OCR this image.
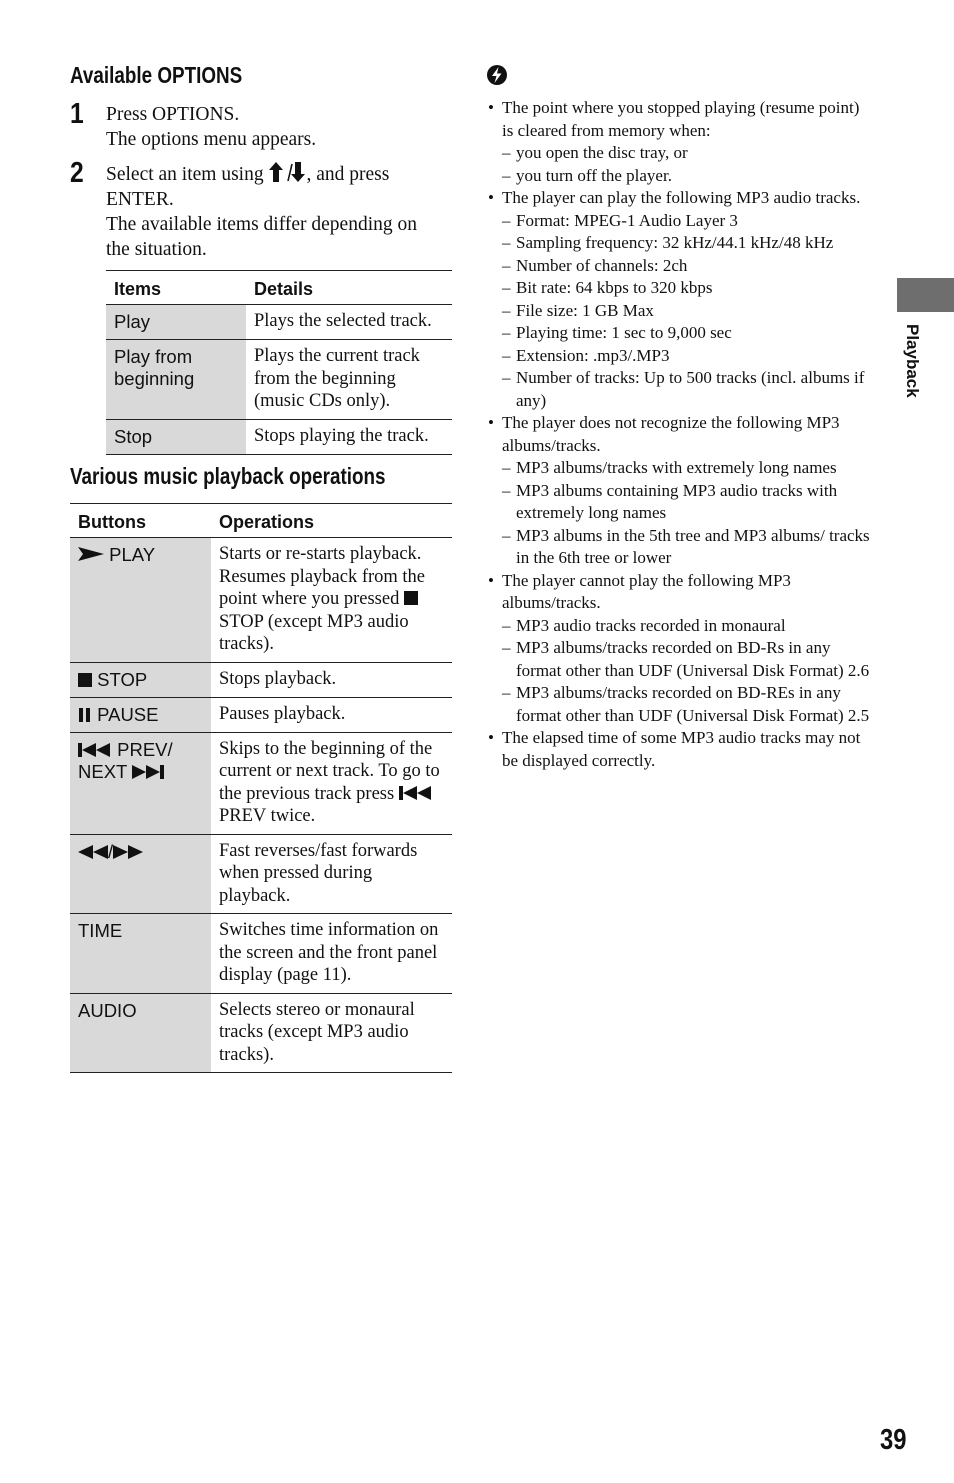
Available OPTIONS
1 Press OPTIONS.
The options menu appears.
2 Select an item using , and press
ENTER.
The available items differ depending on
the situation.
Items	Details
Play	Plays the selected track.
Play from beginning	Plays the current track from the beginning (music CDs only).
Stop	Stops playing the track.
Various music playback operations
Buttons	Operations
PLAY	Starts or re-starts playback. Resumes playback from the point where you pressed  STOP (except MP3 audio tracks).
STOP	Stops playback.
PAUSE	Pauses playback.
PREV/
NEXT	Skips to the beginning of the current or next track. To go to the previous track press  PREV twice.
/	Fast reverses/fast forwards when pressed during playback.
TIME	Switches time information on the screen and the front panel display (page 11).
AUDIO	Selects stereo or monaural tracks (except MP3 audio tracks).
• The point where you stopped playing (resume point) is cleared from memory when:
– you open the disc tray, or
– you turn off the player.
• The player can play the following MP3 audio tracks.
– Format: MPEG-1 Audio Layer 3
– Sampling frequency: 32 kHz/44.1 kHz/48 kHz
– Number of channels: 2ch
– Bit rate: 64 kbps to 320 kbps
– File size: 1 GB Max
– Playing time: 1 sec to 9,000 sec
– Extension: .mp3/.MP3
– Number of tracks: Up to 500 tracks (incl. albums if any)
• The player does not recognize the following MP3 albums/tracks.
– MP3 albums/tracks with extremely long names
– MP3 albums containing MP3 audio tracks with extremely long names
– MP3 albums in the 5th tree and MP3 albums/ tracks in the 6th tree or lower
• The player cannot play the following MP3 albums/tracks.
– MP3 audio tracks recorded in monaural
– MP3 albums/tracks recorded on BD-Rs in any format other than UDF (Universal Disk Format) 2.6
– MP3 albums/tracks recorded on BD-REs in any format other than UDF (Universal Disk Format) 2.5
• The elapsed time of some MP3 audio tracks may not be displayed correctly.
Playback
39
